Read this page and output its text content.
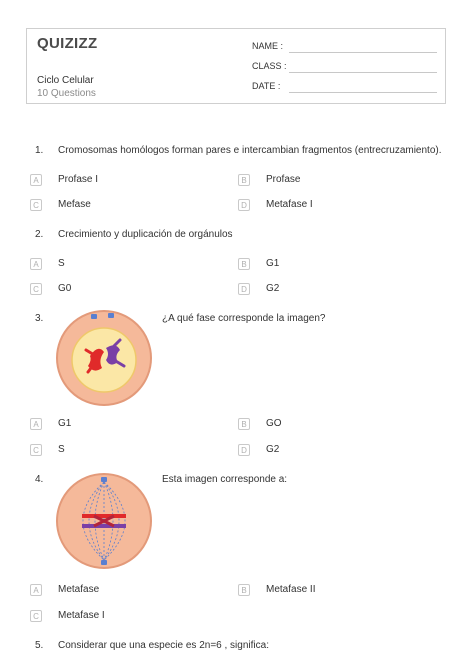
QUIZIZZ
Ciclo Celular
10 Questions
NAME :
CLASS :
DATE :
1. Cromosomas homólogos forman pares e intercambian fragmentos (entrecruzamiento).
A	Profase I	B	Profase
C	Mefase	D	Metafase I
2. Crecimiento y duplicación de orgánulos
A	S	B	G1
C	G0	D	G2
3.	¿A qué fase corresponde la imagen?
A	G1	B	GO
C	S	D	G2
4.	Esta imagen corresponde a:
A	Metafase	B	Metafase II
C	Metafase I
5. Considerar que una especie es 2n=6 , significa:
